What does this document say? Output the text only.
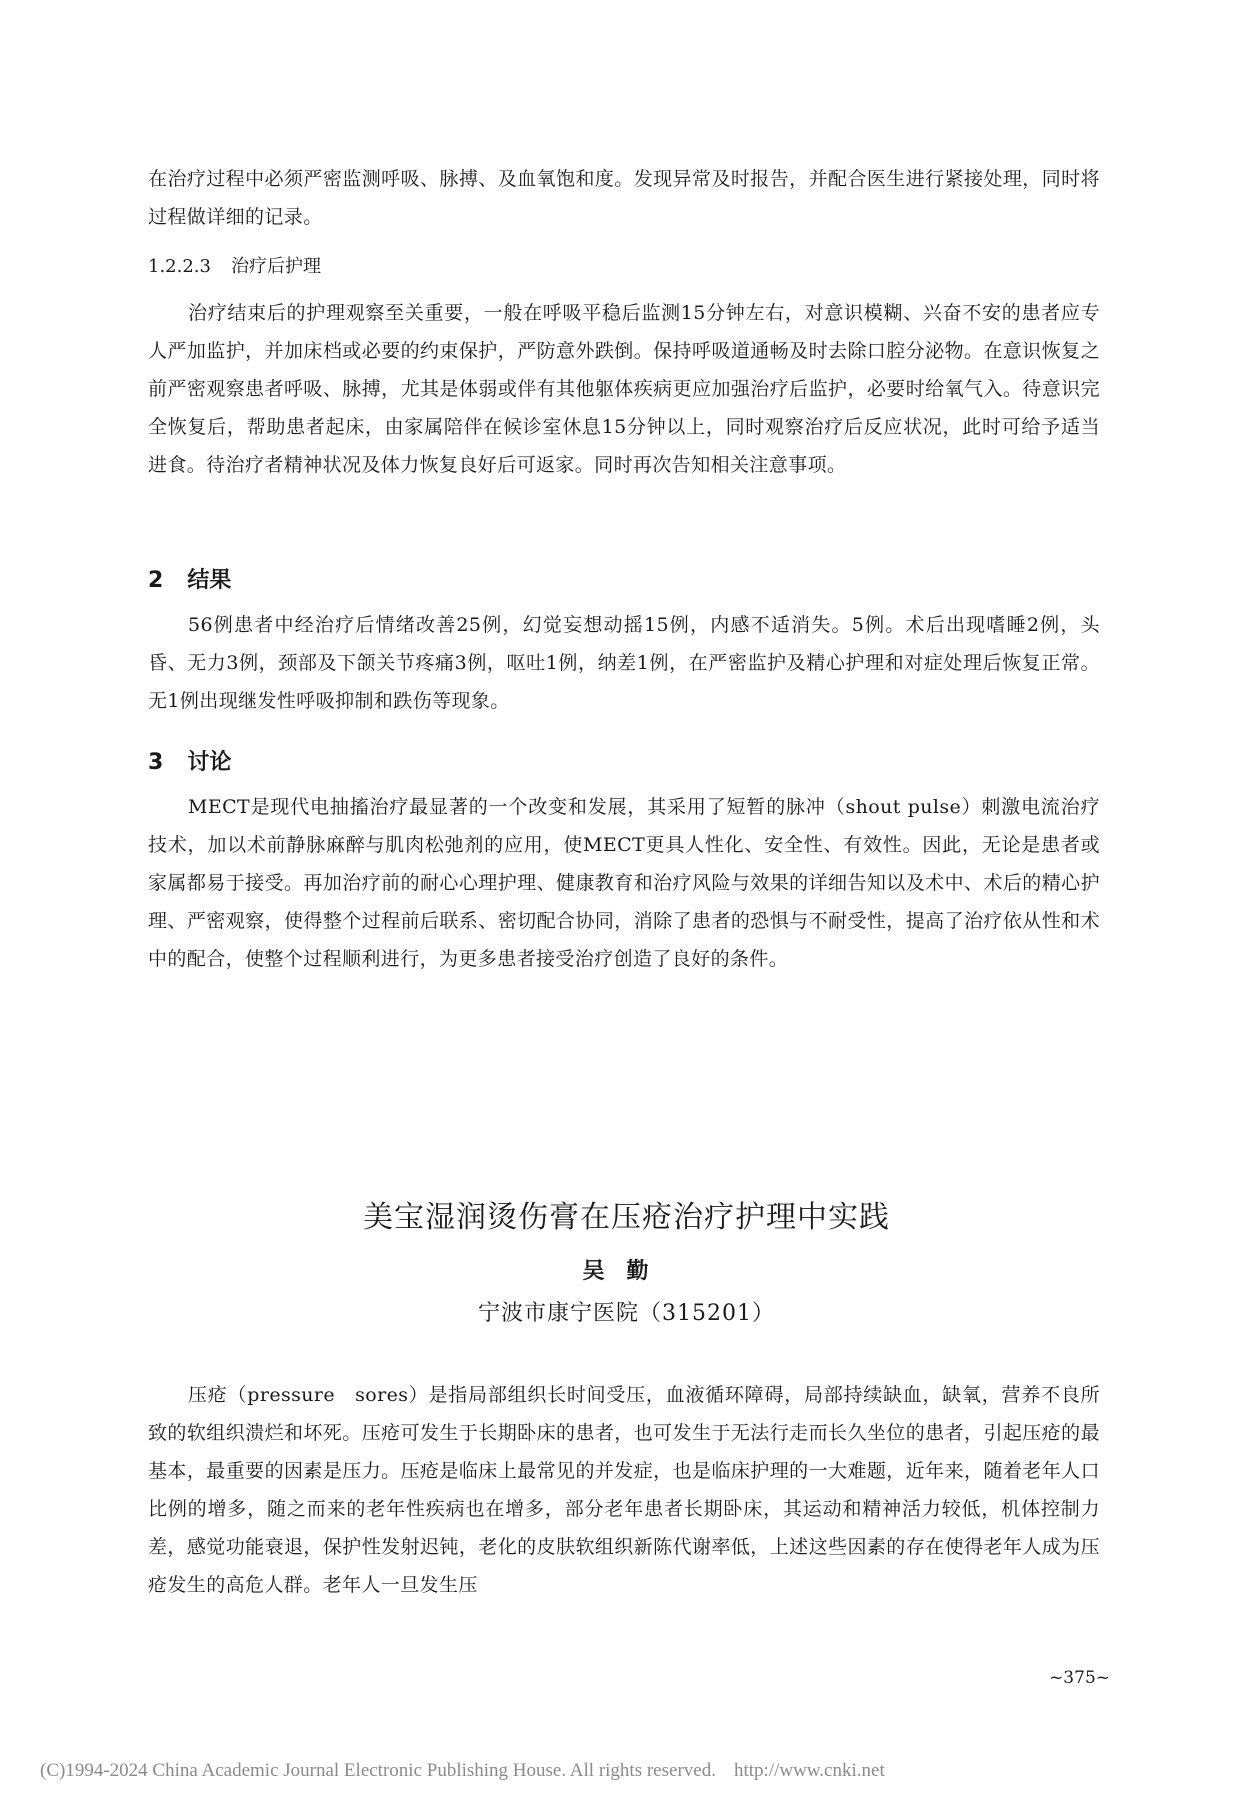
在治疗过程中必须严密监测呼吸、脉搏、及血氧饱和度。发现异常及时报告，并配合医生进行紧接处理，同时将过程做详细的记录。

1.2.2.3 治疗后护理

治疗结束后的护理观察至关重要，一般在呼吸平稳后监测15分钟左右，对意识模糊、兴奋不安的患者应专人严加监护，并加床档或必要的约束保护，严防意外跌倒。保持呼吸道通畅及时去除口腔分泌物。在意识恢复之前严密观察患者呼吸、脉搏，尤其是体弱或伴有其他躯体疾病更应加强治疗后监护，必要时给氧气入。待意识完全恢复后，帮助患者起床，由家属陪伴在候诊室休息15分钟以上，同时观察治疗后反应状况，此时可给予适当进食。待治疗者精神状况及体力恢复良好后可返家。同时再次告知相关注意事项。

2 结果

56例患者中经治疗后情绪改善25例，幻觉妄想动摇15例，内感不适消失。5例。术后出现嗜睡2例，头昏、无力3例，颈部及下颌关节疼痛3例，呕吐1例，纳差1例，在严密监护及精心护理和对症处理后恢复正常。无1例出现继发性呼吸抑制和跌伤等现象。

3 讨论

MECT是现代电抽搐治疗最显著的一个改变和发展，其采用了短暂的脉冲（shout pulse）刺激电流治疗技术，加以术前静脉麻醉与肌肉松弛剂的应用，使MECT更具人性化、安全性、有效性。因此，无论是患者或家属都易于接受。再加治疗前的耐心心理护理、健康教育和治疗风险与效果的详细告知以及术中、术后的精心护理、严密观察，使得整个过程前后联系、密切配合协同，消除了患者的恐惧与不耐受性，提高了治疗依从性和术中的配合，使整个过程顺利进行，为更多患者接受治疗创造了良好的条件。

美宝湿润烫伤膏在压疮治疗护理中实践
吴勤
宁波市康宁医院（315201）

压疮（pressure　sores）是指局部组织长时间受压，血液循环障碍，局部持续缺血，缺氧，营养不良所致的软组织溃烂和坏死。压疮可发生于长期卧床的患者，也可发生于无法行走而长久坐位的患者，引起压疮的最基本，最重要的因素是压力。压疮是临床上最常见的并发症，也是临床护理的一大难题，近年来，随着老年人口比例的增多，随之而来的老年性疾病也在增多，部分老年患者长期卧床，其运动和精神活力较低，机体控制力差，感觉功能衰退，保护性发射迟钝，老化的皮肤软组织新陈代谢率低，上述这些因素的存在使得老年人成为压疮发生的高危人群。老年人一旦发生压

~375~
(C)1994-2024 China Academic Journal Electronic Publishing House. All rights reserved. http://www.cnki.net
